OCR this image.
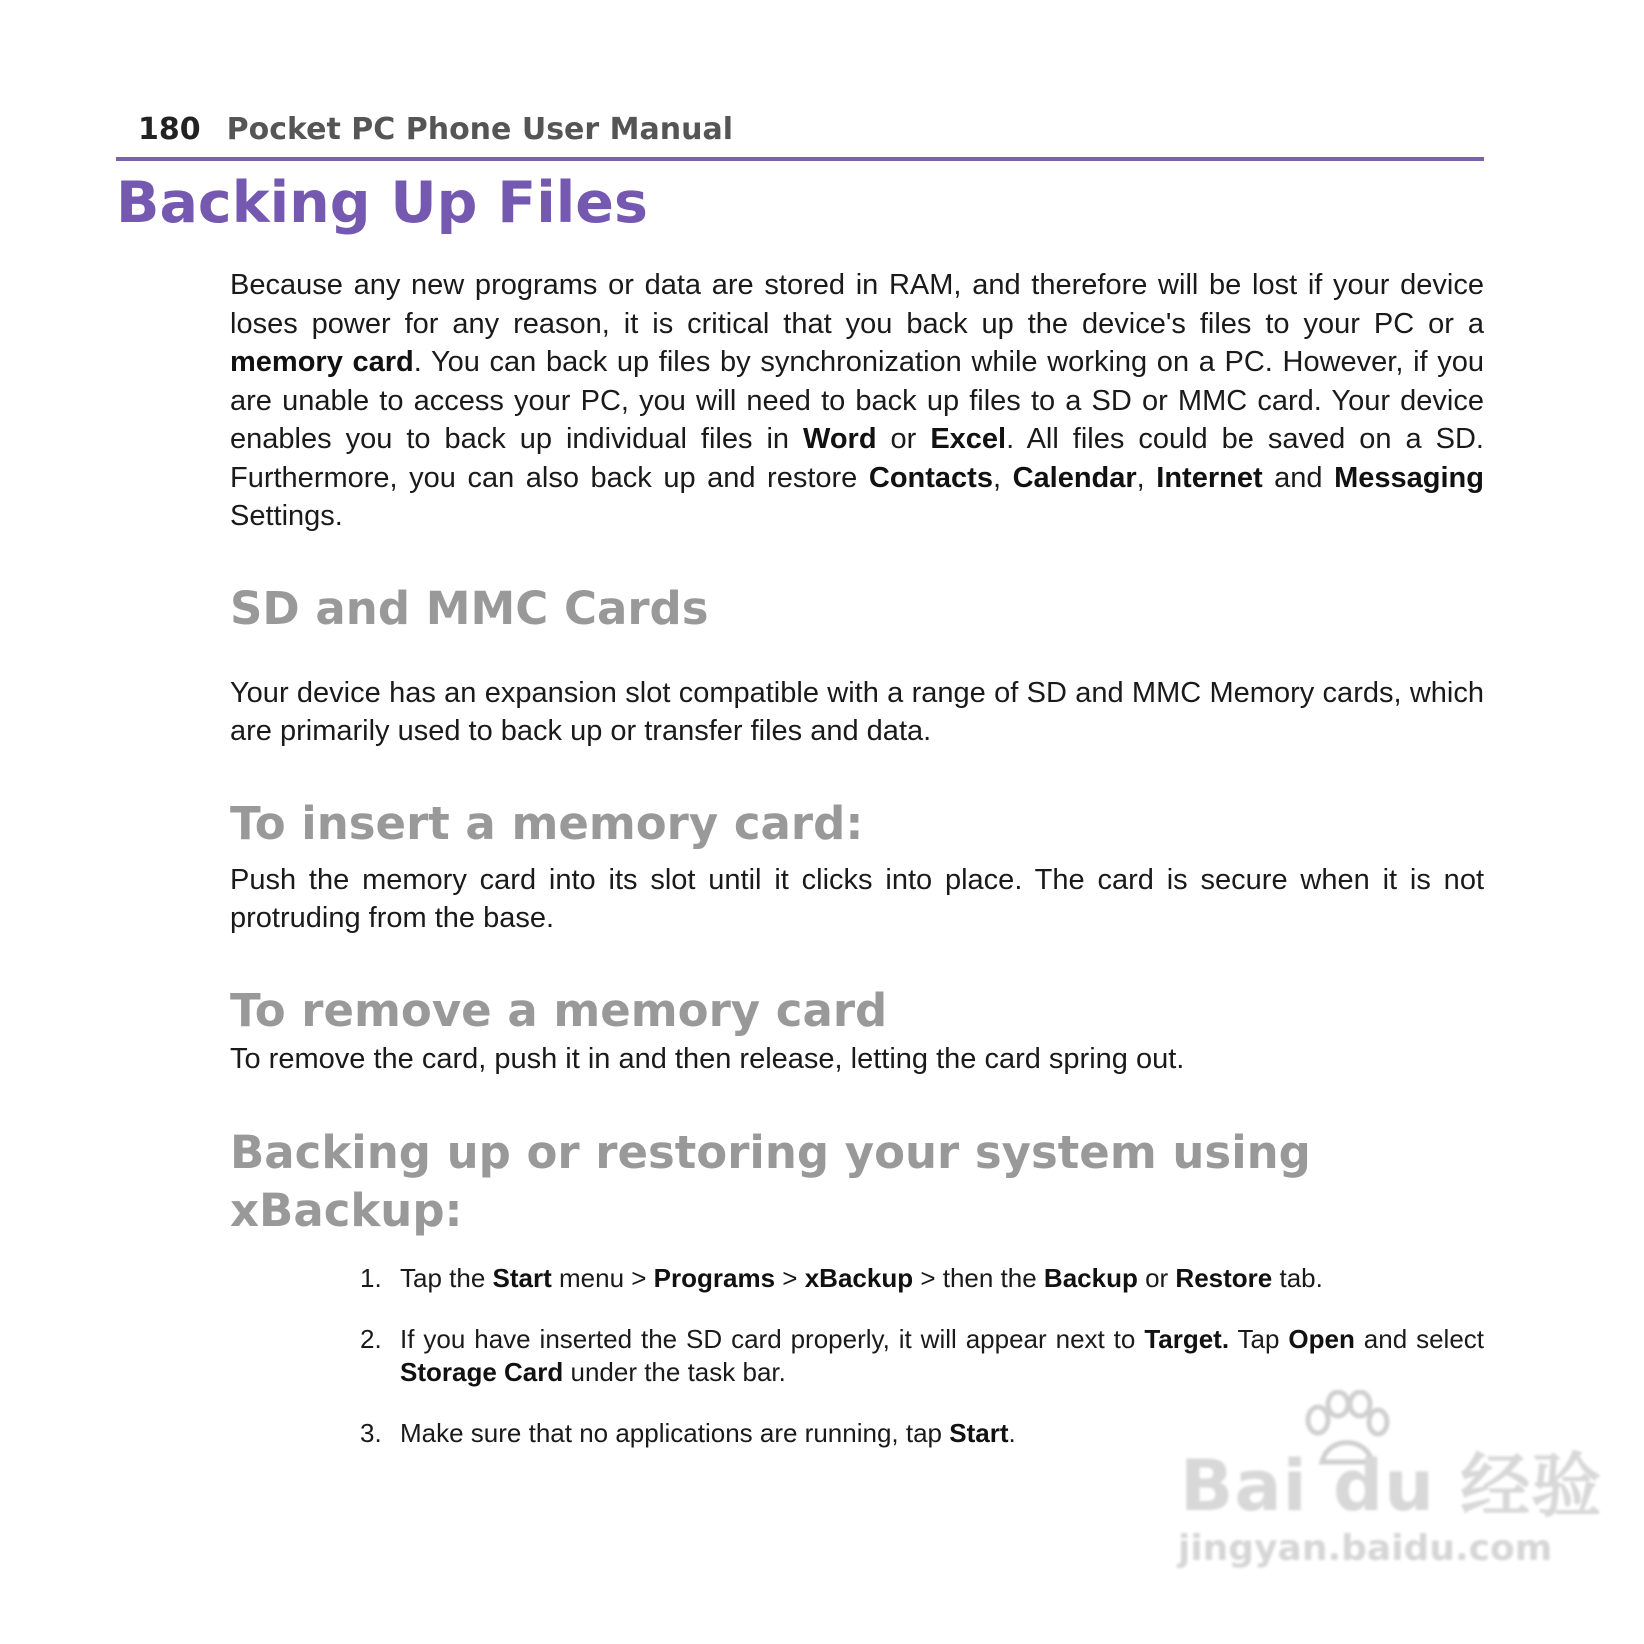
180 Pocket PC Phone User Manual
Backing Up Files

Because any new programs or data are stored in RAM, and therefore will be lost if your device loses power for any reason, it is critical that you back up the device's files to your PC or a memory card. You can back up files by synchronization while working on a PC. However, if you are unable to access your PC, you will need to back up files to a SD or MMC card. Your device enables you to back up individual files in Word or Excel. All files could be saved on a SD. Furthermore, you can also back up and restore Contacts, Calendar, Internet and Messaging Settings.

SD and MMC Cards

Your device has an expansion slot compatible with a range of SD and MMC Memory cards, which are primarily used to back up or transfer files and data.

To insert a memory card:

Push the memory card into its slot until it clicks into place. The card is secure when it is not protruding from the base.

To remove a memory card

To remove the card, push it in and then release, letting the card spring out.

Backing up or restoring your system using
xBackup:
1. Tap the Start menu > Programs > xBackup > then the Backup or Restore tab.
2. If you have inserted the SD card properly, it will appear next to Target. Tap Open and select Storage Card under the task bar.
3. Make sure that no applications are running, tap Start.
Bai du 经验
jingyan.baidu.com
